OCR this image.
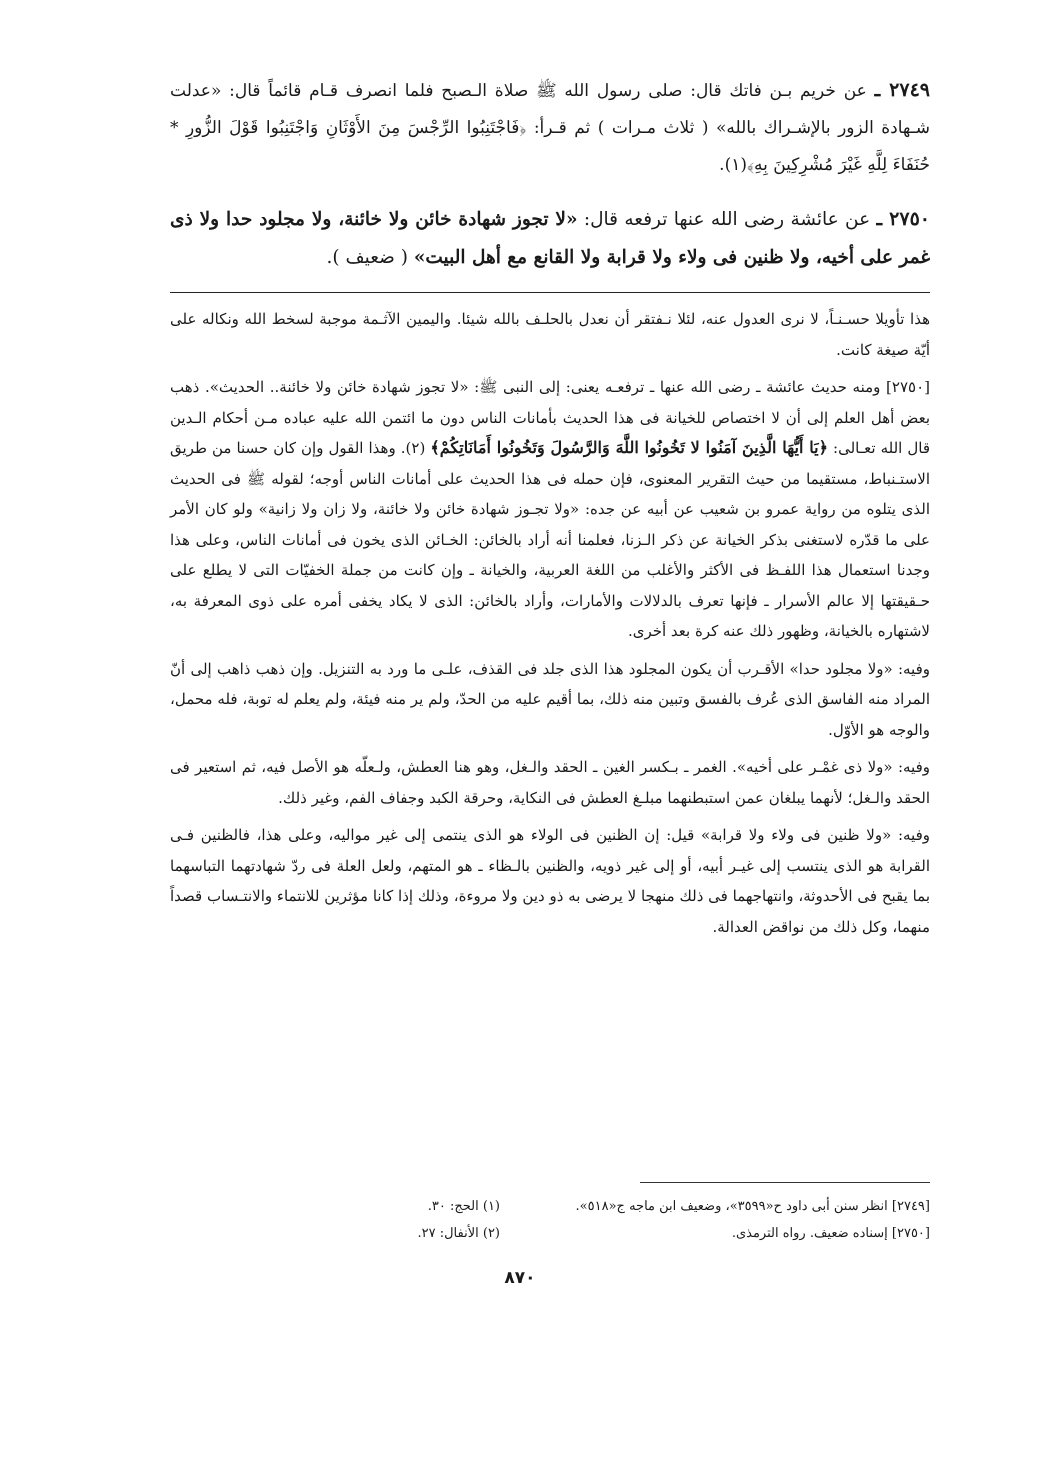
٢٧٤٩ ـ عن خريم بـن فاتك قال: صلى رسول الله ﷺ صلاة الـصبح فلما انصرف قـام قائماً قال: «عدلت شـهادة الزور بالإشـراك بالله» ( ثلاث مـرات ) ثم قـرأ: ﴿فَاجْتَنِبُوا الرِّجْسَ مِنَ الأَوْثَانِ وَاجْتَنِبُوا قَوْلَ الزُّورِ * حُنَفَاءَ لِلَّهِ غَيْرَ مُشْرِكِينَ بِهِ﴾(١).

٢٧٥٠ ـ عن عائشة رضى الله عنها ترفعه قال: «لا تجوز شهادة خائن ولا خائنة، ولا مجلود حدا ولا ذى غمر على أخيه، ولا ظنين فى ولاء ولا قرابة ولا القانع مع أهل البيت» ( ضعيف ).

هذا تأويلا حسـنـاً، لا نرى العدول عنه، لئلا نـفتقر أن نعدل بالحلـف بالله شيئا. واليمين الآثـمة موجبة لسخط الله ونكاله على أيّة صيغة كانت.

[٢٧٥٠] ومنه حديث عائشة ـ رضى الله عنها ـ ترفعـه يعنى: إلى النبى ﷺ: «لا تجوز شهادة خائن ولا خائنة.. الحديث». ذهب بعض أهل العلم إلى أن لا اختصاص للخيانة فى هذا الحديث بأمانات الناس دون ما ائتمن الله عليه عباده مـن أحكام الـدين قال الله تعـالى: ﴿يَا أَيُّهَا الَّذِينَ آمَنُوا لا تَخُونُوا اللَّهَ وَالرَّسُولَ وَتَخُونُوا أَمَانَاتِكُمْ﴾ (٢). وهذا القول وإن كان حسنا من طريق الاستـنباط، مستقيما من حيث التقرير المعنوى، فإن حمله فى هذا الحديث على أمانات الناس أوجه؛ لقوله ﷺ فى الحديث الذى يتلوه من رواية عمرو بن شعيب عن أبيه عن جده: «ولا تجـوز شهادة خائن ولا خائنة، ولا زان ولا زانية» ولو كان الأمر على ما قدّره لاستغنى بذكر الخيانة عن ذكر الـزنا، فعلمنا أنه أراد بالخائن: الخـائن الذى يخون فى أمانات الناس، وعلى هذا وجدنا استعمال هذا اللفـظ فى الأكثر والأغلب من اللغة العربية، والخيانة ـ وإن كانت من جملة الخفيّات التى لا يطلع على حـقيقتها إلا عالم الأسرار ـ فإنها تعرف بالدلالات والأمارات، وأراد بالخائن: الذى لا يكاد يخفى أمره على ذوى المعرفة به، لاشتهاره بالخيانة، وظهور ذلك عنه كرة بعد أخرى.

وفيه: «ولا مجلود حدا» الأقـرب أن يكون المجلود هذا الذى جلد فى القذف، علـى ما ورد به التنزيل. وإن ذهب ذاهب إلى أنّ المراد منه الفاسق الذى عُرف بالفسق وتبين منه ذلك، بما أقيم عليه من الحدّ، ولم ير منه فيئة، ولم يعلم له توبة، فله محمل، والوجه هو الأوّل.

وفيه: «ولا ذى غمْـر على أخيه». الغمر ـ بـكسر الغين ـ الحقد والـغل، وهو هنا العطش، ولـعلّه هو الأصل فيه، ثم استعير فى الحقد والـغل؛ لأنهما يبلغان عمن استبطنهما مبلـغ العطش فى النكاية، وحرقة الكبد وجفاف الفم، وغير ذلك.

وفيه: «ولا ظنين فى ولاء ولا قرابة» قيل: إن الظنين فى الولاء هو الذى ينتمى إلى غير مواليه، وعلى هذا، فالظنين فـى القرابة هو الذى ينتسب إلى غيـر أبيه، أو إلى غير ذويه، والظنين بالـظاء ـ هو المتهم، ولعل العلة فى ردّ شهادتهما التباسهما بما يقبح فى الأحدوثة، وانتهاجهما فى ذلك منهجا لا يرضى به ذو دين ولا مروءة، وذلك إذا كانا مؤثرين للانتماء والانتـساب قصداً منهما، وكل ذلك من نواقض العدالة.

[٢٧٤٩] انظر سنن أبى داود ح«٣٥٩٩»، وضعيف ابن ماجه ج«٥١٨».
(١) الحج: ٣٠.
[٢٧٥٠] إسناده ضعيف. رواه الترمذى.
(٢) الأنفال: ٢٧.
٨٧٠
